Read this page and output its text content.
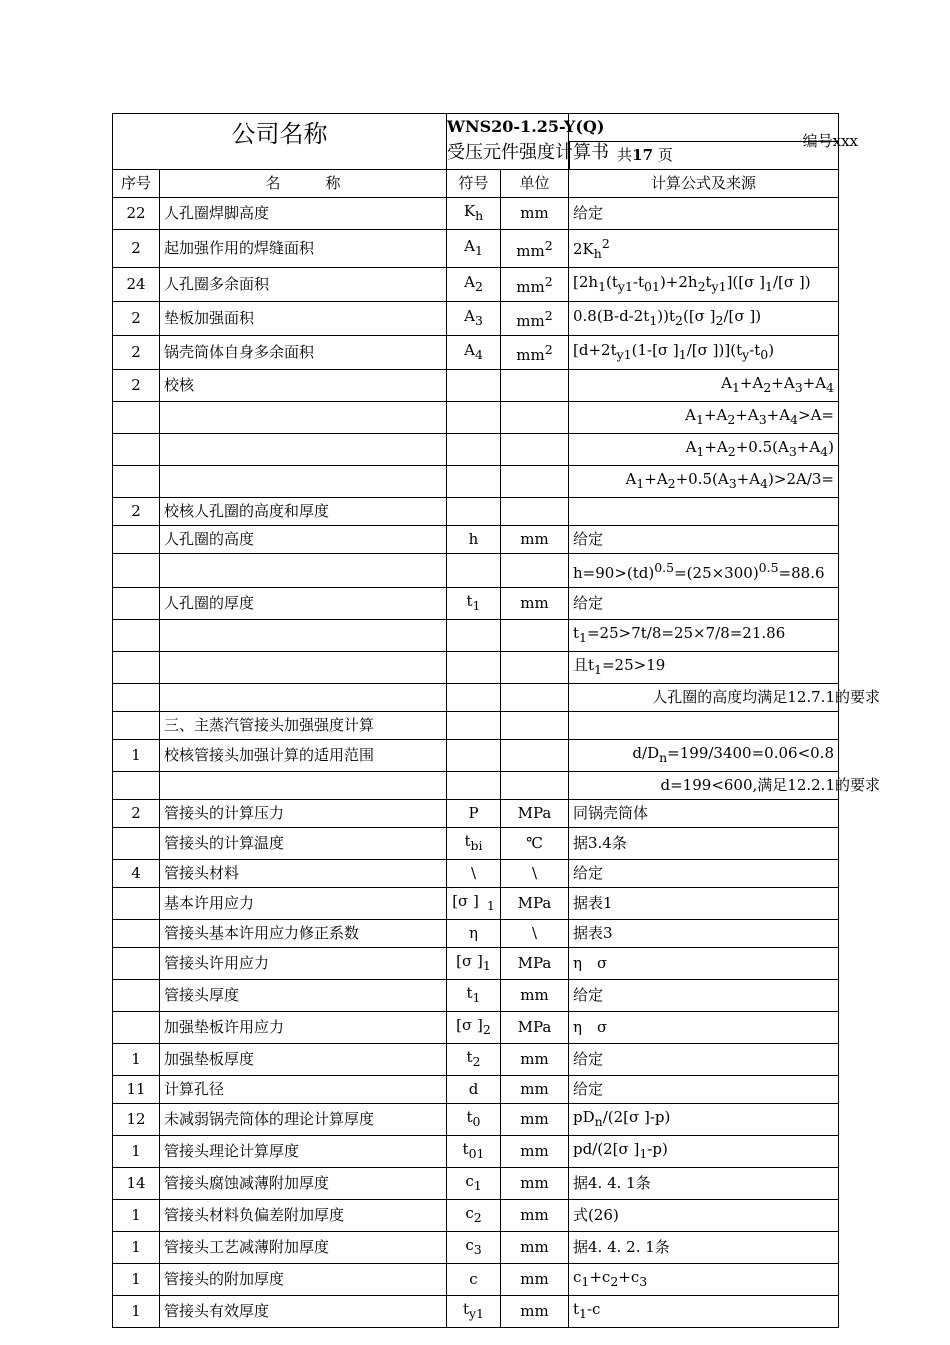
公司名称		WNS20-1.25-Y(Q)
受压元件强度计算书		编号xxx

				共17 页

序号	名　　　称	符号	单位	计算公式及来源
22	人孔圈焊脚高度	$K_h$	mm	给定
2	起加强作用的焊缝面积	$A_1$	$mm^2$	$2K_h^2$
24	人孔圈多余面积	$A_2$	$mm^2$	$[2h_1(t_{y1}-t_{01})+2h_2t_{y1}]([\sigma$ ]$_1/[\sigma$ ])
2	垫板加强面积	$A_3$	$mm^2$	$0.8(B-d-2t_1))t_2([\sigma$ ]$_2/[\sigma$ ])
2	锅壳筒体自身多余面积	$A_4$	$mm^2$	[$d+2t_{y1}(1-[\sigma$ ]$_1/[\sigma$ ])]$(t_y-t_0)$
2	校核			$A_1+A_2+A_3+A_4$
				$A_1+A_2+A_3+A_4>A=$
				$A_1+A_2+0.5(A_3+A_4)$
				$A_1+A_2+0.5(A_3+A_4)>2A/3=$
2	校核人孔圈的高度和厚度			
	人孔圈的高度	h	mm	给定
				$h=90>(td)^{0.5}=(25\times 300)^{0.5}=88.6$
	人孔圈的厚度	$t_1$	mm	给定
				$t_1=25>7t/8=25\times 7/8=21.86$
				且$t_1=25>19$

				人孔圈的高度均满足12.7.1的要求

	三、主蒸汽管接头加强强度计算			
1	校核管接头加强计算的适用范围			$d/D_n=199/3400=0.06<0.8$

				d=199<600,满足12.2.1的要求

2	管接头的计算压力	P	MPa	同锅壳筒体
	管接头的计算温度	$t_{bi}$	℃	据3.4条
4	管接头材料	\	\	给定
	基本许用应力	[σ ]  $_1$	MPa	据表1
	管接头基本许用应力修正系数	η	\	据表3
	管接头许用应力	[σ ]$_1$	MPa	η　σ
	管接头厚度	$t_1$	mm	给定
	加强垫板许用应力	[σ ]$_2$	MPa	η　σ
1	加强垫板厚度	$t_2$	mm	给定
11	计算孔径	d	mm	给定
12	未减弱锅壳筒体的理论计算厚度	$t_0$	mm	$pD_n/(2[\sigma$ ]-p)
1	管接头理论计算厚度	$t_{01}$	mm	pd/(2[σ ]$_1-p$)
14	管接头腐蚀减薄附加厚度	$c_1$	mm	据4. 4. 1条
1	管接头材料负偏差附加厚度	$c_2$	mm	式(26)
1	管接头工艺减薄附加厚度	$c_3$	mm	据4. 4. 2. 1条
1	管接头的附加厚度	c	mm	$c_1+c_2+c_3$
1	管接头有效厚度	$t_{y1}$	mm	$t_1-c$
